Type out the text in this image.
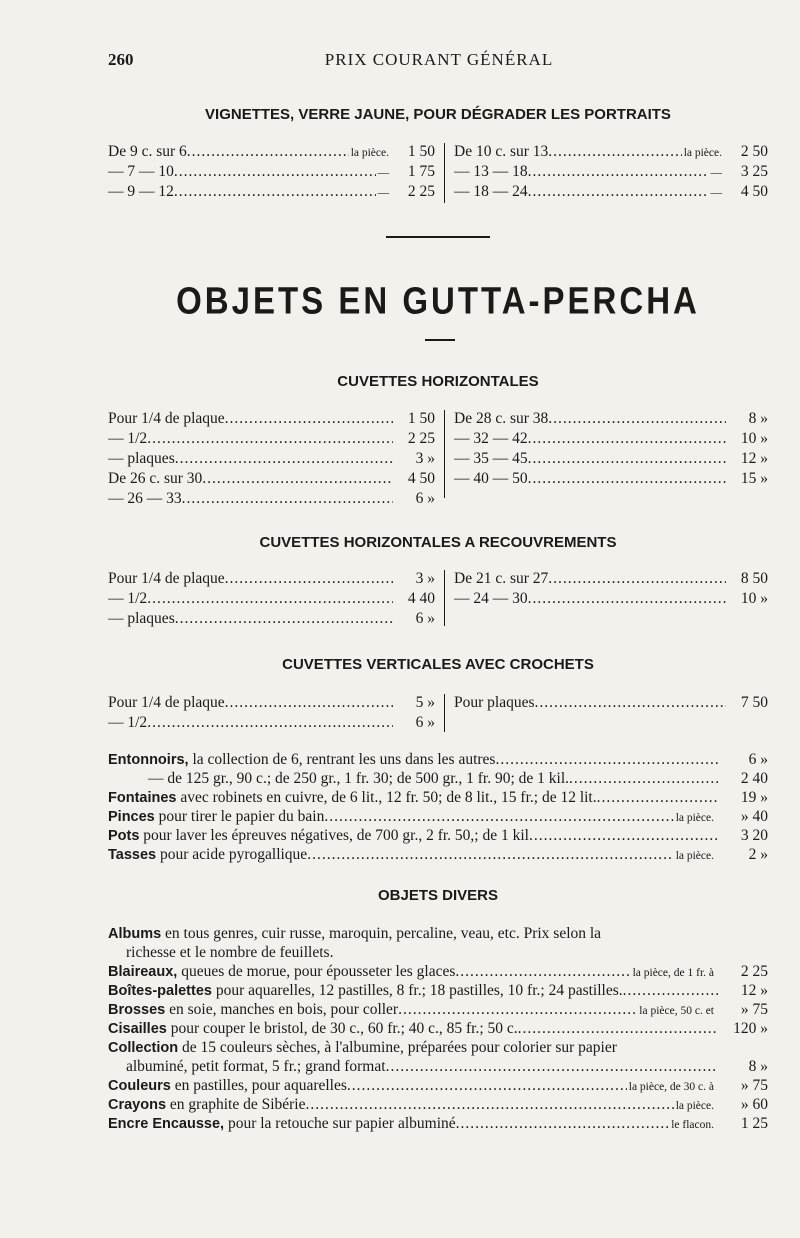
260	PRIX COURANT GÉNÉRAL
VIGNETTES, VERRE JAUNE, POUR DÉGRADER LES PORTRAITS
De 9 c. sur 6 .....	la pièce.	1 50
— 7 — 10 .....	—	1 75
— 9 — 12 .....	—	2 25
De 10 c. sur 13 .....	la pièce.	2 50
— 13 — 18 .....	—	3 25
— 18 — 24 .....	—	4 50
OBJETS EN GUTTA-PERCHA
CUVETTES HORIZONTALES
Pour 1/4 de plaque .....	1 50
— 1/2 .....	2 25
— plaques .....	3 »
De 26 c. sur 30 .....	4 50
— 26 — 33 .....	6 »
De 28 c. sur 38 .....	8 »
— 32 — 42 .....	10 »
— 35 — 45 .....	12 »
— 40 — 50 .....	15 »
CUVETTES HORIZONTALES A RECOUVREMENTS
Pour 1/4 de plaque .....	3 »
— 1/2 .....	4 40
— plaques .....	6 »
De 21 c. sur 27 .....	8 50
— 24 — 30 .....	10 »
CUVETTES VERTICALES AVEC CROCHETS
Pour 1/4 de plaque .....	5 »
— 1/2 .....	6 »
Pour plaques .....	7 50
Entonnoirs, la collection de 6, rentrant les uns dans les autres .....	6 »
— de 125 gr., 90 c.; de 250 gr., 1 fr. 30; de 500 gr., 1 fr. 90; de 1 kil. .....	2 40
Fontaines avec robinets en cuivre, de 6 lit., 12 fr. 50; de 8 lit., 15 fr.; de 12 lit. .....	19 »
Pinces pour tirer le papier du bain .....	la pièce.	» 40
Pots pour laver les épreuves négatives, de 700 gr., 2 fr. 50,; de 1 kil .....	3 20
Tasses pour acide pyrogallique .....	la pièce.	2 »
OBJETS DIVERS
Albums en tous genres, cuir russe, maroquin, percaline, veau, etc. Prix selon la
richesse et le nombre de feuillets.
Blaireaux, queues de morue, pour épousseter les glaces .....	la pièce, de 1 fr. à	2 25
Boîtes-palettes pour aquarelles, 12 pastilles, 8 fr.; 18 pastilles, 10 fr.; 24 pastilles. .....	12 »
Brosses en soie, manches en bois, pour coller .....	la pièce, 50 c. et	» 75
Cisailles pour couper le bristol, de 30 c., 60 fr.; 40 c., 85 fr.; 50 c. .....	120 »
Collection de 15 couleurs sèches, à l'albumine, préparées pour colorier sur papier
albuminé, petit format, 5 fr.; grand format .....	8 »
Couleurs en pastilles, pour aquarelles .....	la pièce, de 30 c. à	» 75
Crayons en graphite de Sibérie .....	la pièce.	» 60
Encre Encausse, pour la retouche sur papier albuminé .....	le flacon.	1 25
